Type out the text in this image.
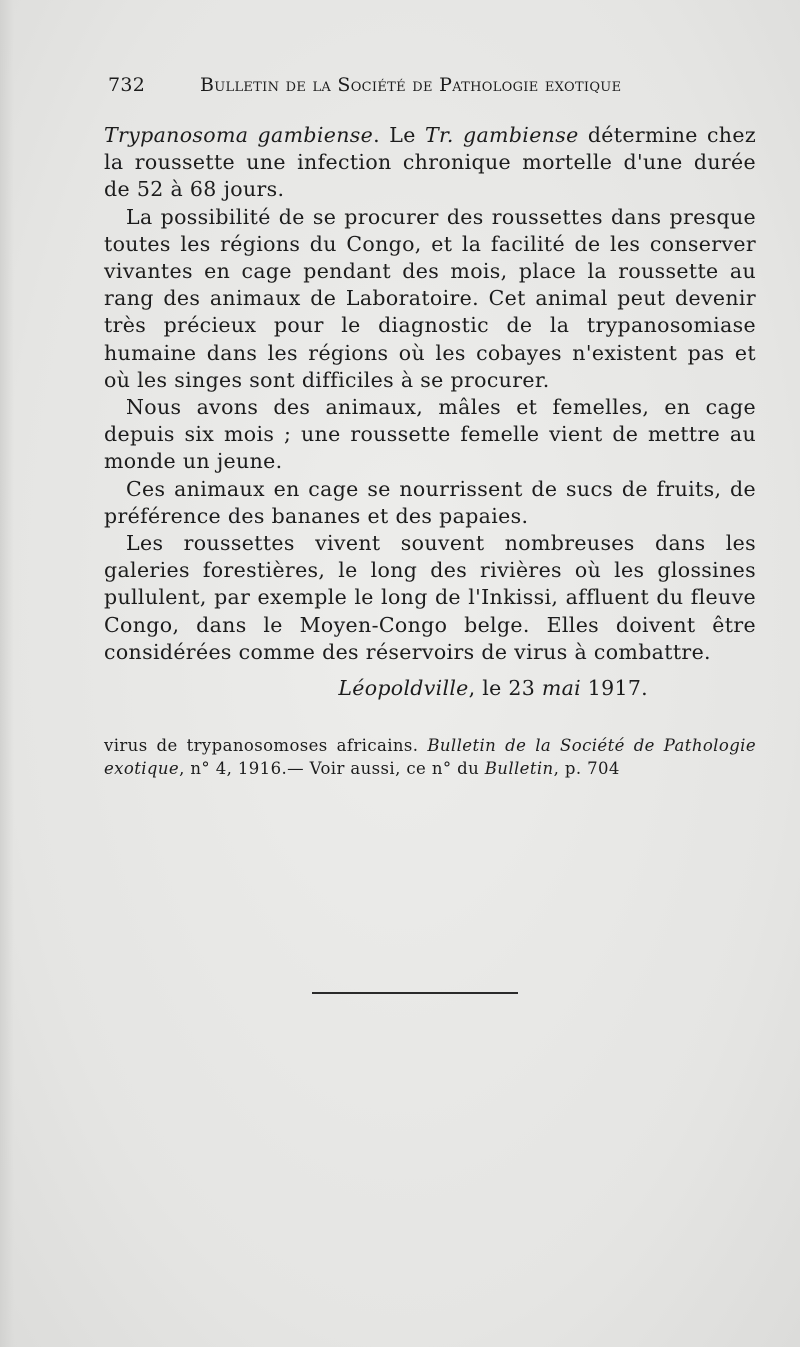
732	Bulletin de la Société de Pathologie exotique

Trypanosoma gambiense. Le Tr. gambiense détermine chez la roussette une infection chronique mortelle d'une durée de 52 à 68 jours.

La possibilité de se procurer des roussettes dans presque toutes les régions du Congo, et la facilité de les conserver vivantes en cage pendant des mois, place la roussette au rang des animaux de Laboratoire. Cet animal peut devenir très précieux pour le diagnostic de la trypanosomiase humaine dans les régions où les cobayes n'existent pas et où les singes sont difficiles à se procurer.

Nous avons des animaux, mâles et femelles, en cage depuis six mois ; une roussette femelle vient de mettre au monde un jeune.

Ces animaux en cage se nourrissent de sucs de fruits, de préférence des bananes et des papaies.

Les roussettes vivent souvent nombreuses dans les galeries forestières, le long des rivières où les glossines pullulent, par exemple le long de l'Inkissi, affluent du fleuve Congo, dans le Moyen-Congo belge. Elles doivent être considérées comme des réservoirs de virus à combattre.

Léopoldville, le 23 mai 1917.
virus de trypanosomoses africains. Bulletin de la Société de Pathologie exotique, n° 4, 1916.— Voir aussi, ce n° du Bulletin, p. 704
